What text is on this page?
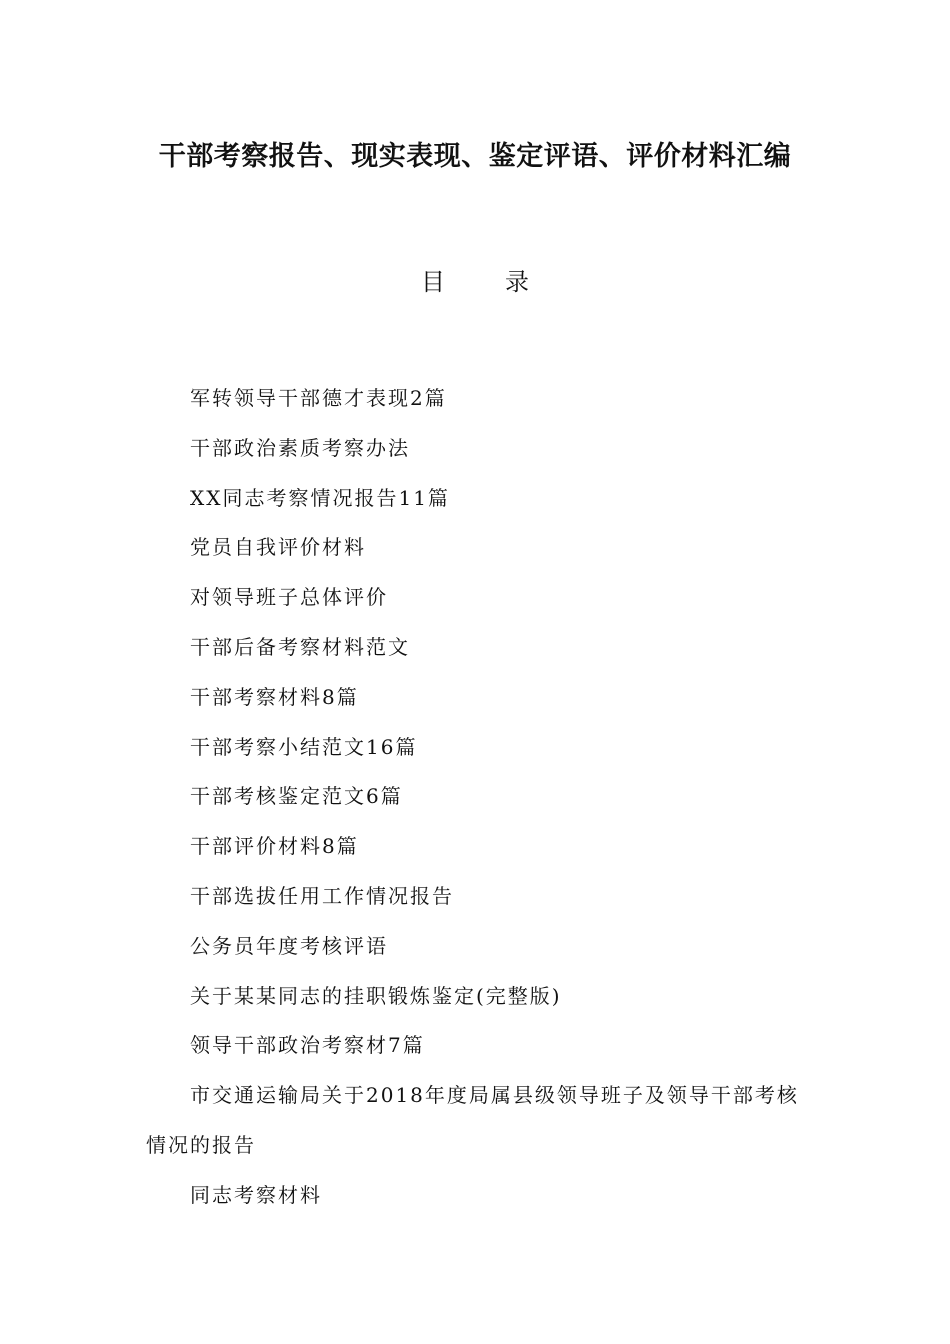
干部考察报告、现实表现、鉴定评语、评价材料汇编
目	录
军转领导干部德才表现2篇
干部政治素质考察办法
XX同志考察情况报告11篇
党员自我评价材料
对领导班子总体评价
干部后备考察材料范文
干部考察材料8篇
干部考察小结范文16篇
干部考核鉴定范文6篇
干部评价材料8篇
干部选拔任用工作情况报告
公务员年度考核评语
关于某某同志的挂职锻炼鉴定(完整版)
领导干部政治考察材7篇
市交通运输局关于2018年度局属县级领导班子及领导干部考核情况的报告
同志考察材料
